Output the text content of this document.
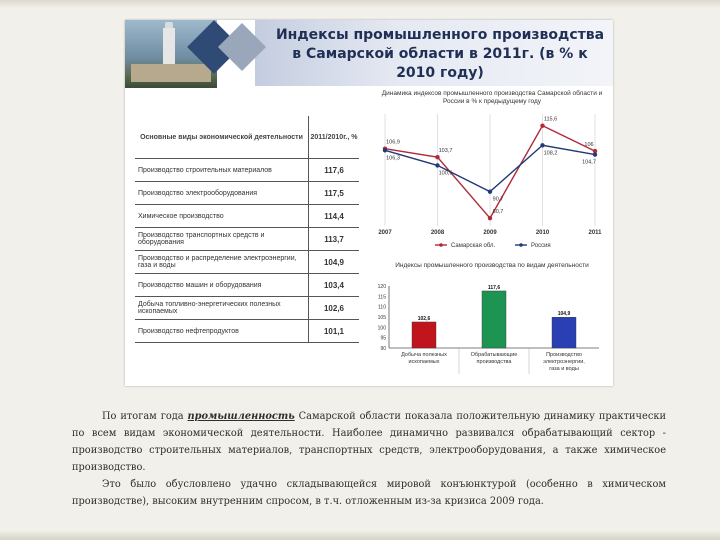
Индексы промышленного производства в Самарской области в 2011г. (в % к 2010 году)
Основные виды экономической деятельности	2011/2010г., %
Производство строительных материалов	117,6
Производство электрооборудования	117,5
Химическое производство	114,4
Производство транспортных средств и оборудования	113,7
Производство и распределение электроэнергии, газа и воды	104,9
Производство машин и оборудования	103,4
Добыча топливно-энергетических полезных ископаемых	102,6
Производство нефтепродуктов	101,1
Динамика индексов промышленного производства Самарской области и России в % к предыдущему году
2007	2008	2009	2010	2011
106,9
103,7
80,7
115,6
106
106,3
100,6
90,7
108,2
104,7
Самарская обл.	Россия
Индексы промышленного производства по видам деятельности
90
95
100
105
110
115
120
102,6
Добыча полезных
ископаемых
117,6
Обрабатывающие
производства
104,9
Производство
электроэнергии,
газа и воды

По итогам года промышленность Самарской области показала положительную динамику практически по всем видам экономической деятельности. Наиболее динамично развивался обрабатывающий сектор - производство строительных материалов, транспортных средств, электрооборудования, а также химическое производство.

Это было обусловлено удачно складывающейся мировой конъюнктурой (особенно в химическом производстве), высоким внутренним спросом, в т.ч. отложенным из-за кризиса 2009 года.
